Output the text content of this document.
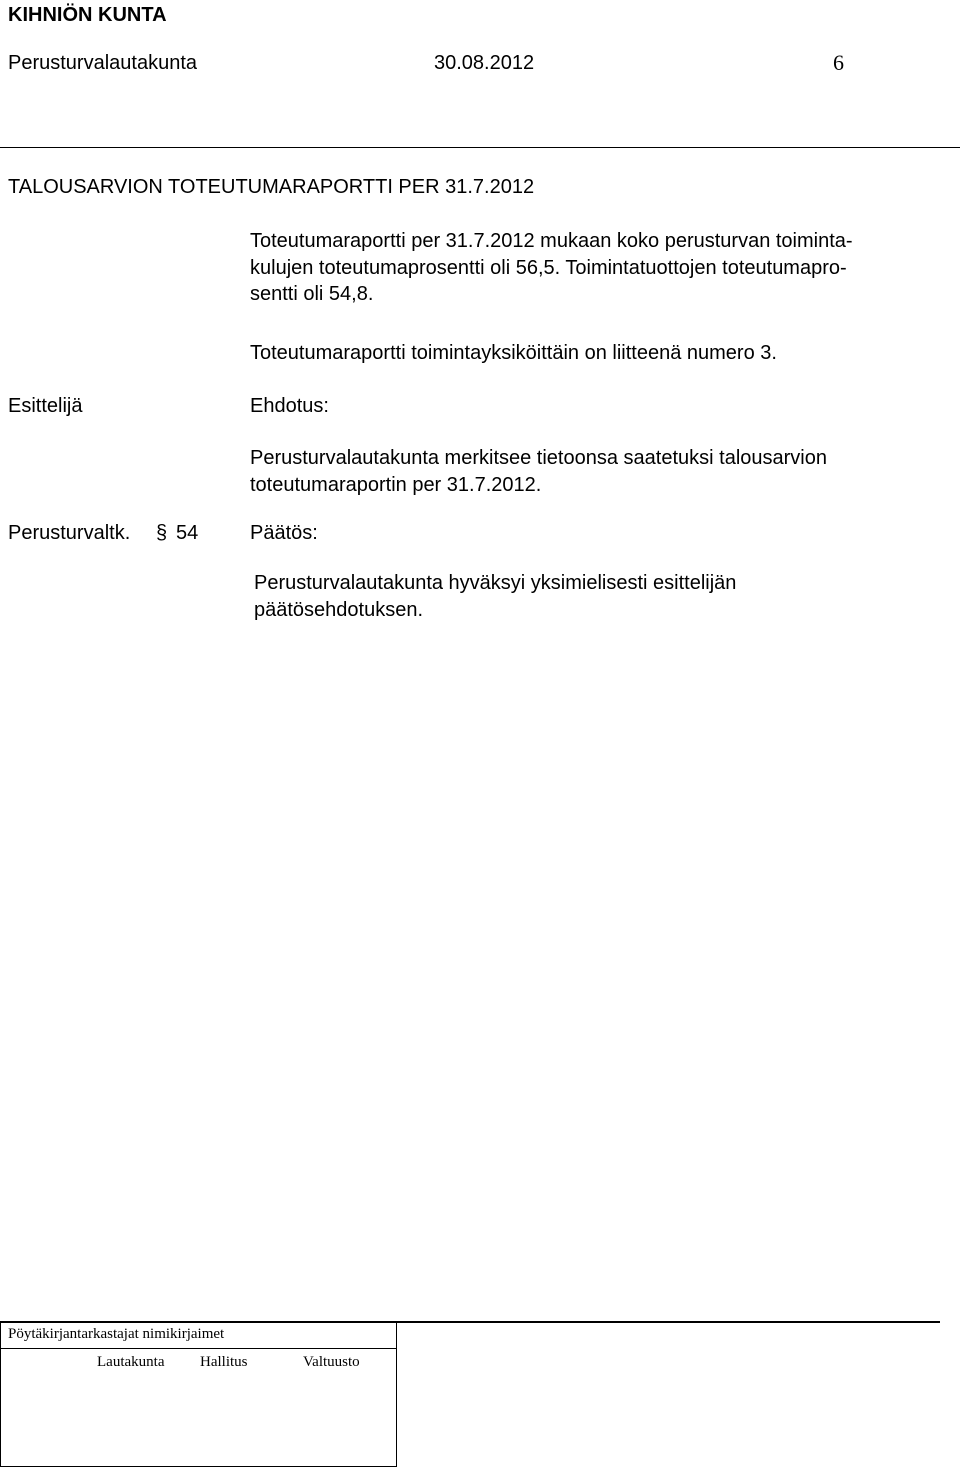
KIHNIÖN KUNTA
Perusturvalautakunta	30.08.2012	6
TALOUSARVION TOTEUTUMARAPORTTI PER 31.7.2012
Toteutumaraportti per 31.7.2012 mukaan koko perusturvan toiminta-
kulujen toteutumaprosentti oli 56,5. Toimintatuottojen toteutumapro-
sentti oli 54,8.
Toteutumaraportti toimintayksiköittäin on liitteenä numero 3.
Esittelijä	Ehdotus:
Perusturvalautakunta merkitsee tietoonsa saatetuksi talousarvion
toteutumaraportin per 31.7.2012.
Perusturvaltk. § 54	Päätös:
Perusturvalautakunta hyväksyi yksimielisesti esittelijän
päätösehdotuksen.
Pöytäkirjantarkastajat nimikirjaimet
Lautakunta Hallitus	Valtuusto
